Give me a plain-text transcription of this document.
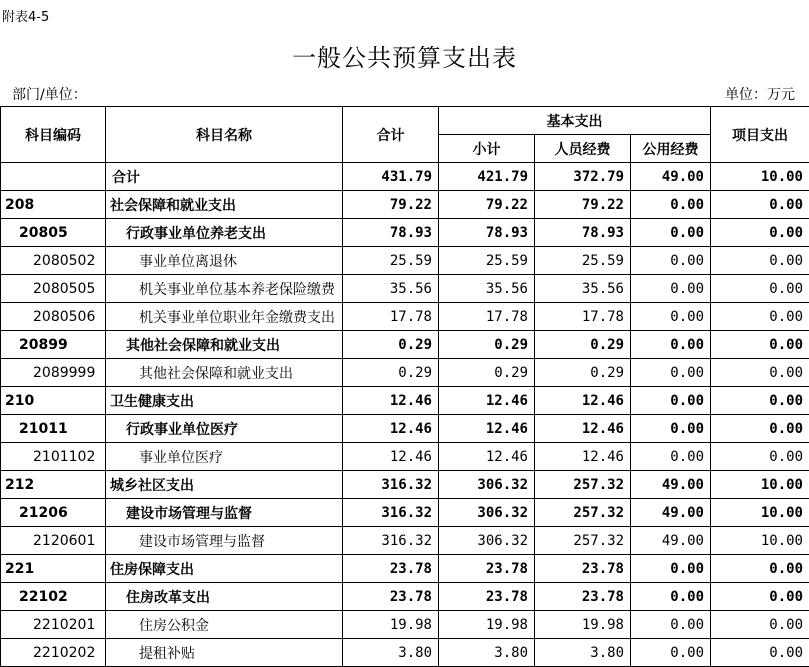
附表4-5
一般公共预算支出表
部门/单位：	单位：万元
科目编码	科目名称	合计	基本支出			项目支出
			小计	人员经费	公用经费	
	合计	431.79	421.79	372.79	49.00	10.00
208	社会保障和就业支出	79.22	79.22	79.22	0.00	0.00
20805	行政事业单位养老支出	78.93	78.93	78.93	0.00	0.00
2080502	事业单位离退休	25.59	25.59	25.59	0.00	0.00
2080505	机关事业单位基本养老保险缴费	35.56	35.56	35.56	0.00	0.00
2080506	机关事业单位职业年金缴费支出	17.78	17.78	17.78	0.00	0.00
20899	其他社会保障和就业支出	0.29	0.29	0.29	0.00	0.00
2089999	其他社会保障和就业支出	0.29	0.29	0.29	0.00	0.00
210	卫生健康支出	12.46	12.46	12.46	0.00	0.00
21011	行政事业单位医疗	12.46	12.46	12.46	0.00	0.00
2101102	事业单位医疗	12.46	12.46	12.46	0.00	0.00
212	城乡社区支出	316.32	306.32	257.32	49.00	10.00
21206	建设市场管理与监督	316.32	306.32	257.32	49.00	10.00
2120601	建设市场管理与监督	316.32	306.32	257.32	49.00	10.00
221	住房保障支出	23.78	23.78	23.78	0.00	0.00
22102	住房改革支出	23.78	23.78	23.78	0.00	0.00
2210201	住房公积金	19.98	19.98	19.98	0.00	0.00
2210202	提租补贴	3.80	3.80	3.80	0.00	0.00
